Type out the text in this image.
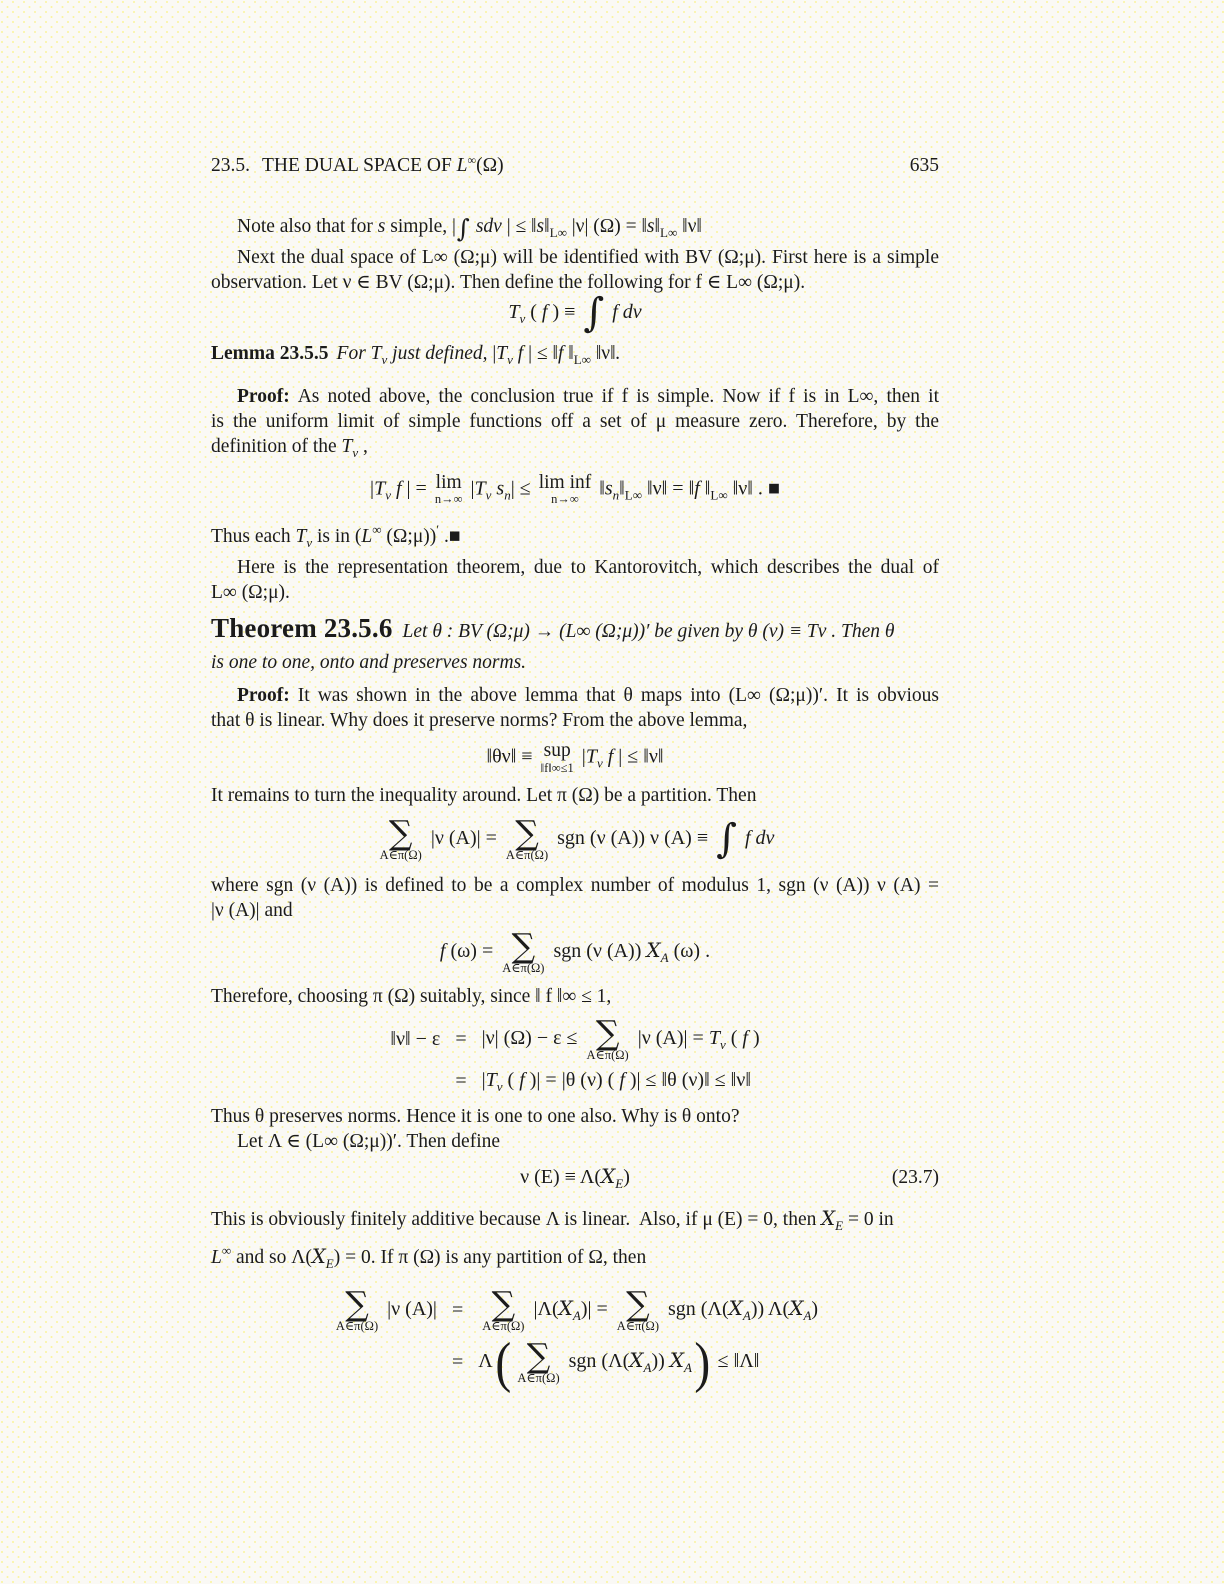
23.5. THE DUAL SPACE OF L∞(Ω)	635

Note also that for s simple, |∫ sdν | ≤ $‖s‖_{L\infty}$ |ν| $(\Omega) = ‖s‖_{L\infty}$ ‖ν‖

Next the dual space of L∞ (Ω;μ) will be identified with BV (Ω;μ). First here is a simple

observation. Let ν ∈ BV (Ω;μ). Then define the following for f ∈ L∞ (Ω;μ).

$T_\nu$ ( f ) ≡ ∫ f dν

Lemma 23.5.5 For $T_\nu$ just defined, $|T_\nu$ f | ≤ ‖f $‖_{L\infty}$ ‖ν‖.

Proof: As noted above, the conclusion true if f is simple. Now if f is in L∞, then it

is the uniform limit of simple functions off a set of μ measure zero. Therefore, by the

definition of the $T_\nu$ ,

$|T_\nu$ f | = lim
n→∞ $|T_\nu$ $s_n| \le \lim$ inf
n→∞ $‖s_n‖_{L\infty}$ ‖ν‖ = ‖f $‖_{L\infty}$ ‖ν‖ . ■

Thus each $T_\nu$ is in (L∞ (Ω;μ))′ .■

Here is the representation theorem, due to Kantorovitch, which describes the dual of

L∞ (Ω;μ).

Theorem 23.5.6 Let θ : BV (Ω;μ) → (L∞ (Ω;μ))′ be given by θ (ν) ≡ Tν . Then θ

is one to one, onto and preserves norms.

Proof: It was shown in the above lemma that θ maps into (L∞ (Ω;μ))′. It is obvious

that θ is linear. Why does it preserve norms? From the above lemma,

‖θν‖ ≡ sup
‖f‖∞≤1 $|T_\nu$ f | ≤ ‖ν‖

It remains to turn the inequality around. Let π (Ω) be a partition. Then

∑
A∈π(Ω)
|ν (A)| = ∑
A∈π(Ω)
sgn (ν (A)) ν (A) ≡ ∫ f dν

where sgn (ν (A)) is defined to be a complex number of modulus 1, sgn (ν (A)) ν (A) =

|ν (A)| and

f (ω) = ∑
A∈π(Ω)
sgn (ν (A)) $X_A$ (ω) .

Therefore, choosing π (Ω) suitably, since ‖ f ‖∞ ≤ 1,

‖ν‖ − ε	=	|ν| (Ω) − ε ≤ ∑
A∈π(Ω)
|ν $(A)| = T_\nu$ ( f )
	=	$|T_\nu$ ( f )| = |θ (ν) ( f )| ≤ ‖θ (ν)‖ ≤ ‖ν‖

Thus θ preserves norms. Hence it is one to one also. Why is θ onto?

Let Λ ∈ (L∞ (Ω;μ))′. Then define

ν $(E) \equiv \Lambda(X_E)$	(23.7)

This is obviously finitely additive because Λ is linear.  Also, if μ (E) = 0, then $X_E = 0$ in

L∞ and so $\Lambda(X_E) = 0$. If π (Ω) is any partition of Ω, then

∑
A∈π(Ω)
|ν (A)|	=	∑
A∈π(Ω)
$|\Lambda(X_A)|$ = ∑
A∈π(Ω)
sgn $(\Lambda(X_A))$ $\Lambda(X_A)$
	=	Λ( ∑
A∈π(Ω)
sgn $(\Lambda(X_A)) X_A$) ≤ ‖Λ‖
